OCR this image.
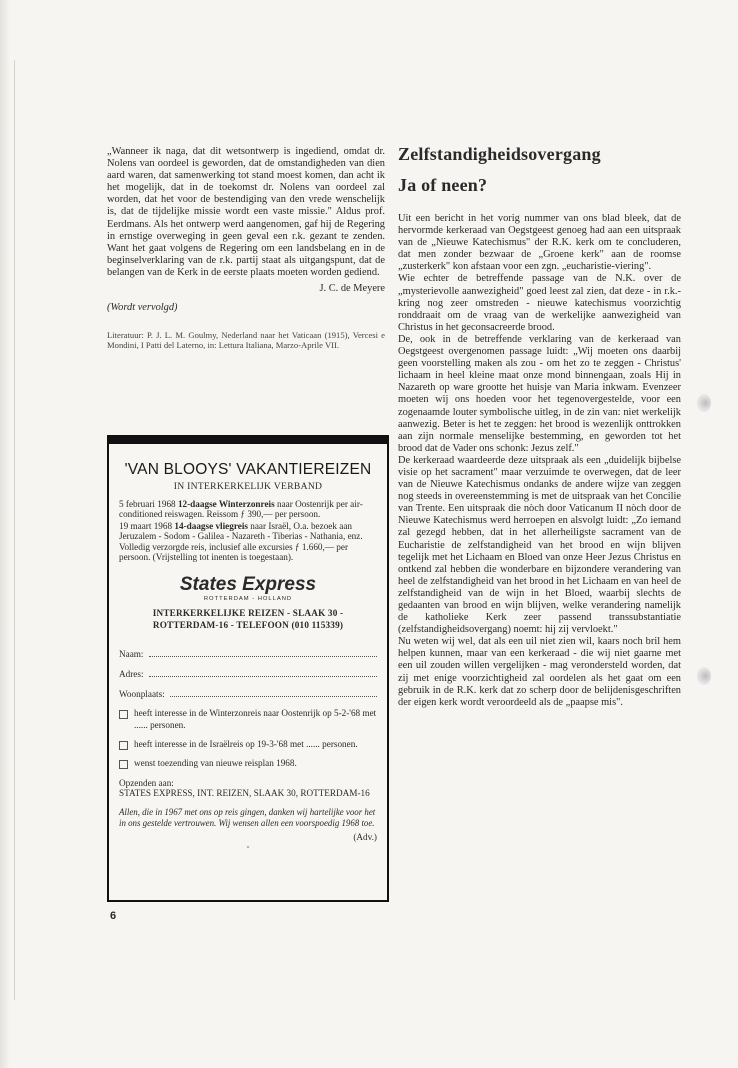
„Wanneer ik naga, dat dit wetsontwerp is ingediend, omdat dr. Nolens van oordeel is geworden, dat de omstandigheden van dien aard waren, dat samenwerking tot stand moest komen, dan acht ik het mogelijk, dat in de toekomst dr. Nolens van oordeel zal worden, dat het voor de bestendiging van den vrede wenschelijk is, dat de tijdelijke missie wordt een vaste missie." Aldus prof. Eerdmans. Als het ontwerp werd aangenomen, gaf hij de Regering in ernstige overweging in geen geval een r.k. gezant te zenden. Want het gaat volgens de Regering om een landsbelang en in de beginselverklaring van de r.k. partij staat als uitgangspunt, dat de belangen van de Kerk in de eerste plaats moeten worden gediend.

J. C. de Meyere

(Wordt vervolgd)

Literatuur: P. J. L. M. Goulmy, Nederland naar het Vaticaan (1915), Vercesi e Mondini, I Patti del Laterno, in: Lettura Italiana, Marzo-Aprile VII.

'VAN BLOOYS' VAKANTIEREIZEN

IN INTERKERKELIJK VERBAND

5 februari 1968 12-daagse Winterzonreis naar Oostenrijk per air-conditioned reiswagen. Reissom ƒ 390,— per persoon.

19 maart 1968 14-daagse vliegreis naar Israël, O.a. bezoek aan Jeruzalem - Sodom - Galilea - Nazareth - Tiberias - Nathania, enz. Volledig verzorgde reis, inclusief alle excursies ƒ 1.660,— per persoon. (Vrijstelling tot inenten is toegestaan).

States Express

ROTTERDAM - HOLLAND

INTERKERKELIJKE REIZEN - SLAAK 30 -
ROTTERDAM-16 - TELEFOON (010 115339)

Naam:
Adres:
Woonplaats:
heeft interesse in de Winterzonreis naar Oostenrijk op 5-2-'68 met ...... personen.
heeft interesse in de Israëlreis op 19-3-'68 met ...... personen.
wenst toezending van nieuwe reisplan 1968.

Opzenden aan:
STATES EXPRESS, INT. REIZEN, SLAAK 30, ROTTERDAM-16

Allen, die in 1967 met ons op reis gingen, danken wij hartelijke voor het in ons gestelde vertrouwen. Wij wensen allen een voorspoedig 1968 toe.

(Adv.)

*

6
Zelfstandigheidsovergang
Ja of neen?

Uit een bericht in het vorig nummer van ons blad bleek, dat de hervormde kerkeraad van Oegstgeest genoeg had aan een uitspraak van de „Nieuwe Katechismus" der R.K. kerk om te concluderen, dat men zonder bezwaar de „Groene kerk" aan de roomse „zusterkerk" kon afstaan voor een zgn. „eucharistie-viering".

Wie echter de betreffende passage van de N.K. over de „mysterievolle aanwezigheid" goed leest zal zien, dat deze - in r.k.-kring nog zeer omstreden - nieuwe katechismus voorzichtig ronddraait om de vraag van de werkelijke aanwezigheid van Christus in het geconsacreerde brood.

De, ook in de betreffende verklaring van de kerkeraad van Oegstgeest overgenomen passage luidt: „Wij moeten ons daarbij geen voorstelling maken als zou - om het zo te zeggen - Christus' lichaam in heel kleine maat onze mond binnengaan, zoals Hij in Nazareth op ware grootte het huisje van Maria inkwam. Evenzeer moeten wij ons hoeden voor het tegenovergestelde, voor een zogenaamde louter symbolische uitleg, in de zin van: niet werkelijk aanwezig. Beter is het te zeggen: het brood is wezenlijk onttrokken aan zijn normale menselijke bestemming, en geworden tot het brood dat de Vader ons schonk: Jezus zelf."

De kerkeraad waardeerde deze uitspraak als een „duidelijk bijbelse visie op het sacrament" maar verzuimde te overwegen, dat de leer van de Nieuwe Katechismus ondanks de andere wijze van zeggen nog steeds in overeenstemming is met de uitspraak van het Concilie van Trente. Een uitspraak die nòch door Vaticanum II nòch door de Nieuwe Katechismus werd herroepen en alsvolgt luidt: „Zo iemand zal gezegd hebben, dat in het allerheiligste sacrament van de Eucharistie de zelfstandigheid van het brood en wijn blijven tegelijk met het Lichaam en Bloed van onze Heer Jezus Christus en ontkend zal hebben die wonderbare en bijzondere verandering van heel de zelfstandigheid van het brood in het Lichaam en van heel de zelfstandigheid van de wijn in het Bloed, waarbij slechts de gedaanten van brood en wijn blijven, welke verandering namelijk de katholieke Kerk zeer passend transsubstantiatie (zelfstandigheidsovergang) noemt: hij zij vervloekt."

Nu weten wij wel, dat als een uil niet zien wil, kaars noch bril hem helpen kunnen, maar van een kerkeraad - die wij niet gaarne met een uil zouden willen vergelijken - mag verondersteld worden, dat zij met enige voorzichtigheid zal oordelen als het gaat om een gebruik in de R.K. kerk dat zo scherp door de belijdenisgeschriften der eigen kerk wordt veroordeeld als de „paapse mis".
